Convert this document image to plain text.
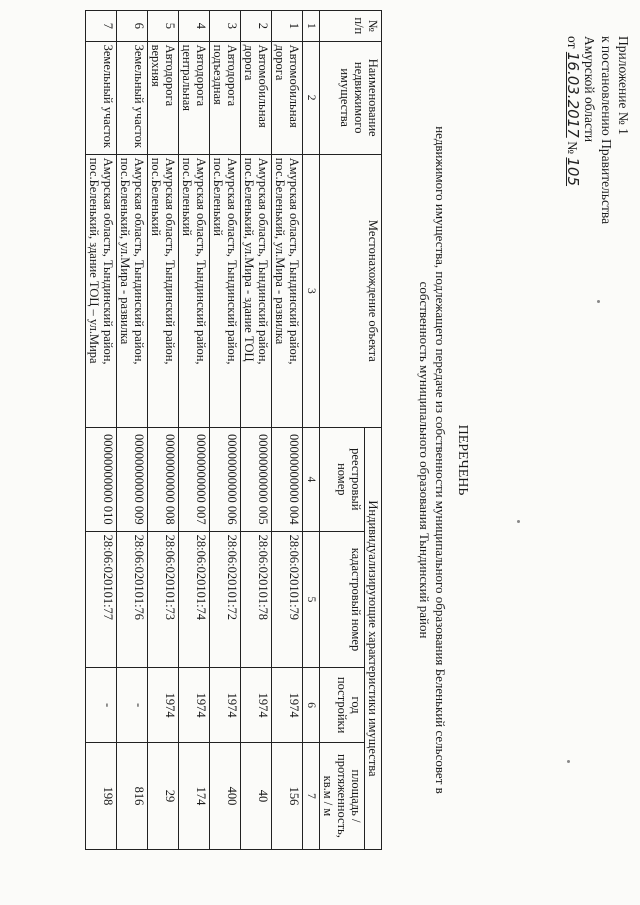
Приложение № 1
к постановлению Правительства
Амурской области
от 16.03.2017 № 105
ПЕРЕЧЕНЬ
недвижимого имущества, подлежащего передаче из собственности муниципального образования Беленький сельсовет в
собственность муниципального образования Тындинский район
№ п/п	Наименование недвижимого имущества	Местонахождение объекта	Индивидуализирующие характеристики имущества			
			реестровый номер	кадастровый номер	год постройки	площадь / протяженность, кв.м / м
1	2	3	4	5	6	7
1	Автомобильная дорога	Амурская область, Тындинский район, пос.Беленький, ул.Мира - развилка	00000000000 004	28:06:020101:79	1974	156
2	Автомобильная дорога	Амурская область, Тындинский район, пос.Беленький, ул.Мира - здание ТОЦ	00000000000 005	28:06:020101:78	1974	40
3	Автодорога подъездная	Амурская область, Тындинский район, пос.Беленький	00000000000 006	28:06:020101:72	1974	400
4	Автодорога центральная	Амурская область, Тындинский район, пос.Беленький	00000000000 007	28:06:020101:74	1974	174
5	Автодорога верхняя	Амурская область, Тындинский район, пос.Беленький	00000000000 008	28:06:020101:73	1974	29
6	Земельный участок	Амурская область, Тындинский район, пос.Беленький, ул.Мира - развилка	00000000000 009	28:06:020101:76	-	816
7	Земельный участок	Амурская область, Тындинский район, пос.Беленький, здание ТОЦ – ул.Мира	00000000000 010	28:06:020101:77	-	198
